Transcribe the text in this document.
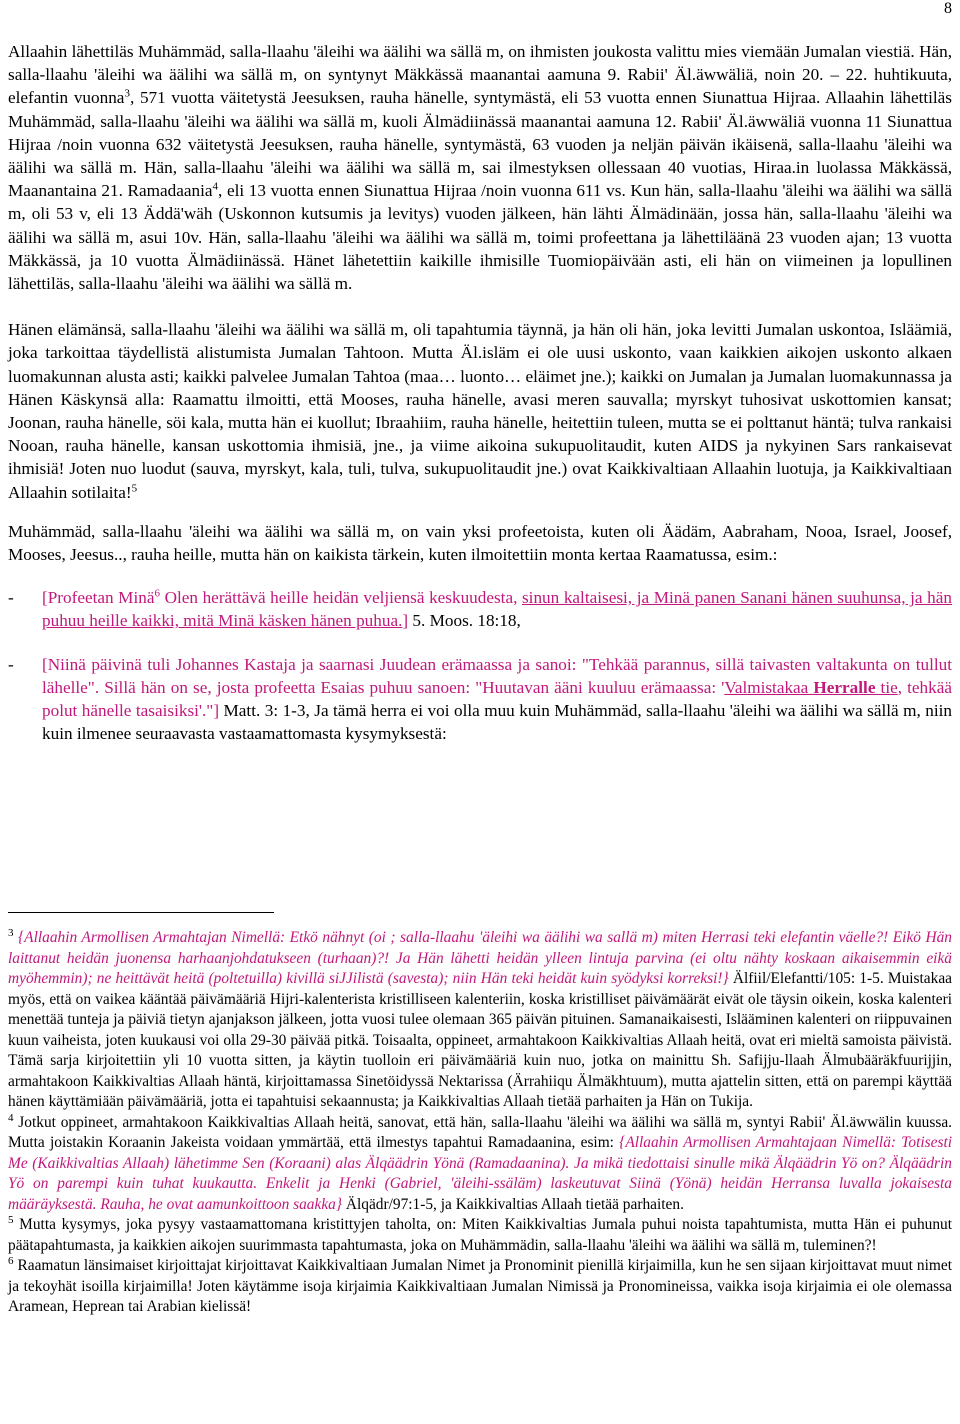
8

Allaahin lähettiläs Muhämmäd, salla-llaahu 'äleihi wa äälihi wa sällä m, on ihmisten joukosta valittu mies viemään Jumalan viestiä. Hän, salla-llaahu 'äleihi wa äälihi wa sällä m, on syntynyt Mäkkässä maanantai aamuna 9. Rabii' Äl.äwwäliä, noin 20. – 22. huhtikuuta, elefantin vuonna$^3$, 571 vuotta väitetystä Jeesuksen, rauha hänelle, syntymästä, eli 53 vuotta ennen Siunattua Hijraa. Allaahin lähettiläs Muhämmäd, salla-llaahu 'äleihi wa äälihi wa sällä m, kuoli Älmädiinässä maanantai aamuna 12. Rabii' Äl.äwwäliä vuonna 11 Siunattua Hijraa /noin vuonna 632 väitetystä Jeesuksen, rauha hänelle, syntymästä, 63 vuoden ja neljän päivän ikäisenä, salla-llaahu 'äleihi wa äälihi wa sällä m. Hän, salla-llaahu 'äleihi wa äälihi wa sällä m, sai ilmestyksen ollessaan 40 vuotias, Hiraa.in luolassa Mäkkässä, Maanantaina 21. Ramadaania$^4$, eli 13 vuotta ennen Siunattua Hijraa /noin vuonna 611 vs. Kun hän, salla-llaahu 'äleihi wa äälihi wa sällä m, oli 53 v, eli 13 Äddä'wäh (Uskonnon kutsumis ja levitys) vuoden jälkeen, hän lähti Älmädinään, jossa hän, salla-llaahu 'äleihi wa äälihi wa sällä m, asui 10v. Hän, salla-llaahu 'äleihi wa äälihi wa sällä m, toimi profeettana ja lähettiläänä 23 vuoden ajan; 13 vuotta Mäkkässä, ja 10 vuotta Älmädiinässä. Hänet lähetettiin kaikille ihmisille Tuomiopäivään asti, eli hän on viimeinen ja lopullinen lähettiläs, salla-llaahu 'äleihi wa äälihi wa sällä m.

Hänen elämänsä, salla-llaahu 'äleihi wa äälihi wa sällä m, oli tapahtumia täynnä, ja hän oli hän, joka levitti Jumalan uskontoa, Isläämiä, joka tarkoittaa täydellistä alistumista Jumalan Tahtoon. Mutta Äl.isläm ei ole uusi uskonto, vaan kaikkien aikojen uskonto alkaen luomakunnan alusta asti; kaikki palvelee Jumalan Tahtoa (maa… luonto… eläimet jne.); kaikki on Jumalan ja Jumalan luomakunnassa ja Hänen Käskynsä alla: Raamattu ilmoitti, että Mooses, rauha hänelle, avasi meren sauvalla; myrskyt tuhosivat uskottomien kansat; Joonan, rauha hänelle, söi kala, mutta hän ei kuollut; Ibraahiim, rauha hänelle, heitettiin tuleen, mutta se ei polttanut häntä; tulva rankaisi Nooan, rauha hänelle, kansan uskottomia ihmisiä, jne., ja viime aikoina sukupuolitaudit, kuten AIDS ja nykyinen Sars rankaisevat ihmisiä! Joten nuo luodut (sauva, myrskyt, kala, tuli, tulva, sukupuolitaudit jne.) ovat Kaikkivaltiaan Allaahin luotuja, ja Kaikkivaltiaan Allaahin sotilaita!$^5$

Muhämmäd, salla-llaahu 'äleihi wa äälihi wa sällä m, on vain yksi profeetoista, kuten oli Äädäm, Aabraham, Nooa, Israel, Joosef, Mooses, Jeesus.., rauha heille, mutta hän on kaikista tärkein, kuten ilmoitettiin monta kertaa Raamatussa, esim.:

-	[Profeetan Minä$^6$ Olen herättävä heille heidän veljiensä keskuudesta, sinun kaltaisesi, ja Minä panen Sanani hänen suuhunsa, ja hän puhuu heille kaikki, mitä Minä käsken hänen puhua.] 5. Moos. 18:18,
-	[Niinä päivinä tuli Johannes Kastaja ja saarnasi Juudean erämaassa ja sanoi: "Tehkää parannus, sillä taivasten valtakunta on tullut lähelle". Sillä hän on se, josta profeetta Esaias puhuu sanoen: "Huutavan ääni kuuluu erämaassa: 'Valmistakaa Herralle tie, tehkää polut hänelle tasaisiksi'."] Matt. 3: 1-3, Ja tämä herra ei voi olla muu kuin Muhämmäd, salla-llaahu 'äleihi wa äälihi wa sällä m, niin kuin ilmenee seuraavasta vastaamattomasta kysymyksestä:

$^3$ {Allaahin Armollisen Armahtajan Nimellä: Etkö nähnyt (oi ; salla-llaahu 'äleihi wa äälihi wa sallä m) miten Herrasi teki elefantin väelle?! Eikö Hän laittanut heidän juonensa harhaanjohdatukseen (turhaan)?! Ja Hän lähetti heidän ylleen lintuja parvina (ei oltu nähty koskaan aikaisemmin eikä myöhemmin); ne heittävät heitä (poltetuilla) kivillä siJJilistä (savesta); niin Hän teki heidät kuin syödyksi korreksi!} Älfiil/Elefantti/105: 1-5. Muistakaa myös, että on vaikea kääntää päivämääriä Hijri-kalenterista kristilliseen kalenteriin, koska kristilliset päivämäärät eivät ole täysin oikein, koska kalenteri menettää tunteja ja päiviä tietyn ajanjakson jälkeen, jotta vuosi tulee olemaan 365 päivän pituinen. Samanaikaisesti, Islääminen kalenteri on riippuvainen kuun vaiheista, joten kuukausi voi olla 29-30 päivää pitkä. Toisaalta, oppineet, armahtakoon Kaikkivaltias Allaah heitä, ovat eri mieltä samoista päivistä. Tämä sarja kirjoitettiin yli 10 vuotta sitten, ja käytin tuolloin eri päivämääriä kuin nuo, jotka on mainittu Sh. Safijju-llaah Älmubääräkfuurijjin, armahtakoon Kaikkivaltias Allaah häntä, kirjoittamassa Sinetöidyssä Nektarissa (Ärrahiiqu Älmäkhtuum), mutta ajattelin sitten, että on parempi käyttää hänen käyttämiään päivämääriä, jotta ei tapahtuisi sekaannusta; ja Kaikkivaltias Allaah tietää parhaiten ja Hän on Tukija.

$^4$ Jotkut oppineet, armahtakoon Kaikkivaltias Allaah heitä, sanovat, että hän, salla-llaahu 'äleihi wa äälihi wa sällä m, syntyi Rabii' Äl.äwwälin kuussa. Mutta joistakin Koraanin Jakeista voidaan ymmärtää, että ilmestys tapahtui Ramadaanina, esim: {Allaahin Armollisen Armahtajaan Nimellä: Totisesti Me (Kaikkivaltias Allaah) lähetimme Sen (Koraani) alas Älqäädrin Yönä (Ramadaanina). Ja mikä tiedottaisi sinulle mikä Älqäädrin Yö on? Älqäädrin Yö on parempi kuin tuhat kuukautta. Enkelit ja Henki (Gabriel, 'äleihi-ssäläm) laskeutuvat Siinä (Yönä) heidän Herransa luvalla jokaisesta määräyksestä. Rauha, he ovat aamunkoittoon saakka} Älqädr/97:1-5, ja Kaikkivaltias Allaah tietää parhaiten.

$^5$ Mutta kysymys, joka pysyy vastaamattomana kristittyjen taholta, on: Miten Kaikkivaltias Jumala puhui noista tapahtumista, mutta Hän ei puhunut päätapahtumasta, ja kaikkien aikojen suurimmasta tapahtumasta, joka on Muhämmädin, salla-llaahu 'äleihi wa äälihi wa sällä m, tuleminen?!

$^6$ Raamatun länsimaiset kirjoittajat kirjoittavat Kaikkivaltiaan Jumalan Nimet ja Pronominit pienillä kirjaimilla, kun he sen sijaan kirjoittavat muut nimet ja tekoyhät isoilla kirjaimilla! Joten käytämme isoja kirjaimia Kaikkivaltiaan Jumalan Nimissä ja Pronomineissa, vaikka isoja kirjaimia ei ole olemassa Aramean, Heprean tai Arabian kielissä!
